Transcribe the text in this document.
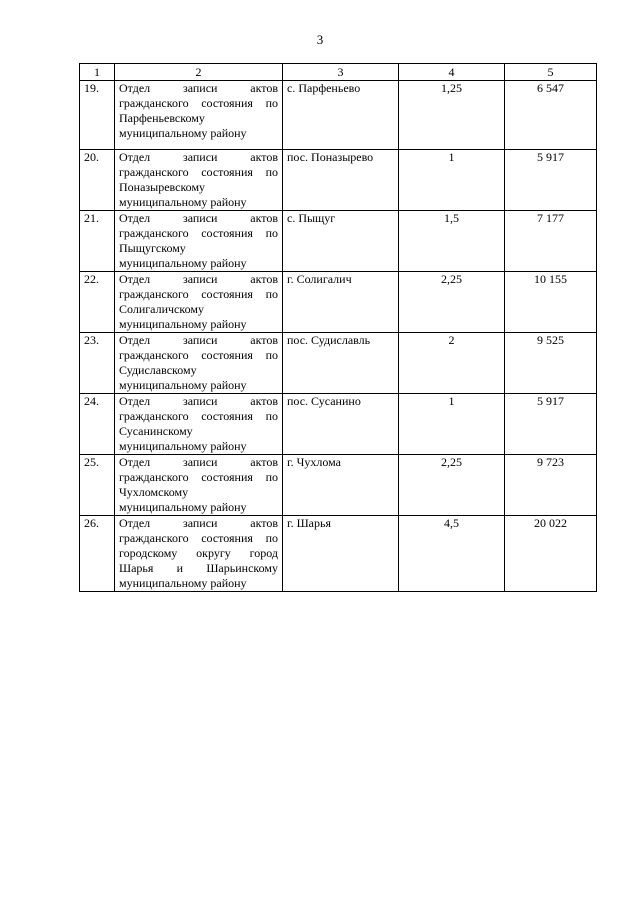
3
1	2	3	4	5
19.	Отдел записи актов
гражданского состояния по
Парфеньевскому
муниципальному району	с. Парфеньево	1,25	6 547
20.	Отдел записи актов
гражданского состояния по
Поназыревскому
муниципальному району	пос. Поназырево	1	5 917
21.	Отдел записи актов
гражданского состояния по
Пыщугскому
муниципальному району	с. Пыщуг	1,5	7 177
22.	Отдел записи актов
гражданского состояния по
Солигаличскому
муниципальному району	г. Солигалич	2,25	10 155
23.	Отдел записи актов
гражданского состояния по
Судиславскому
муниципальному району	пос. Судиславль	2	9 525
24.	Отдел записи актов
гражданского состояния по
Сусанинскому
муниципальному району	пос. Сусанино	1	5 917
25.	Отдел записи актов
гражданского состояния по
Чухломскому
муниципальному району	г. Чухлома	2,25	9 723
26.	Отдел записи актов
гражданского состояния по
городскому округу город
Шарья и Шарьинскому
муниципальному району	г. Шарья	4,5	20 022
